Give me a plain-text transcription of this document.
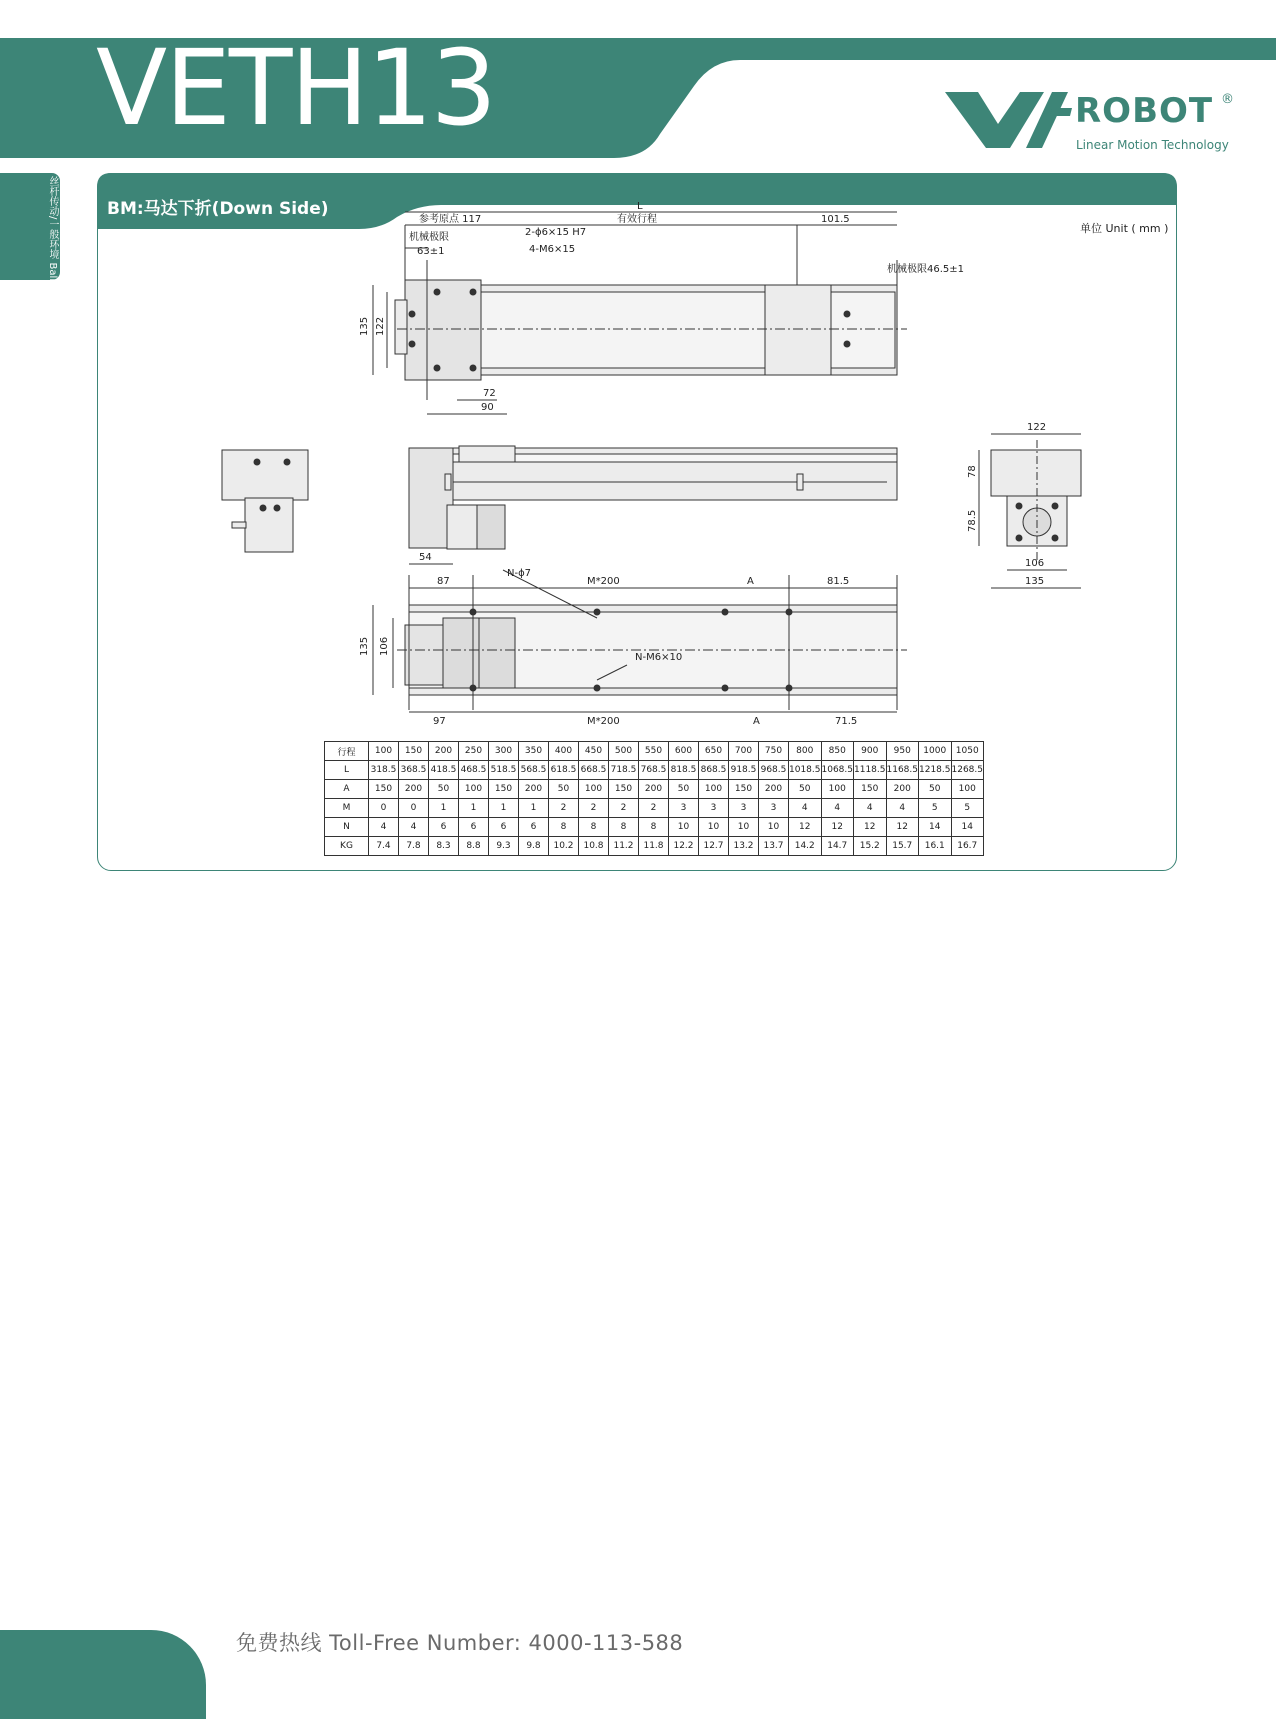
VETH13	ROBOT ®
Linear Motion Technology
丝杆传动/一般环境 Ball screw drive General environment	BM:马达下折(Down Side)
单位 Unit ( mm )
L
参考原点 117	有效行程	101.5
机械极限
63±1
2-ϕ6×15 H7
4-M6×15
机械极限46.5±1
135 122
72
90
54
122
78
78.5
106
135
87
N-ϕ7
M*200	A	81.5
135 106
N-M6×10
97	M*200	A	71.5
行程	100	150	200	250	300	350	400	450	500	550	600	650	700	750	800	850	900	950	1000	1050
L	318.5	368.5	418.5	468.5	518.5	568.5	618.5	668.5	718.5	768.5	818.5	868.5	918.5	968.5	1018.5	1068.5	1118.5	1168.5	1218.5	1268.5
A	150	200	50	100	150	200	50	100	150	200	50	100	150	200	50	100	150	200	50	100
M	0	0	1	1	1	1	2	2	2	2	3	3	3	3	4	4	4	4	5	5
N	4	4	6	6	6	6	8	8	8	8	10	10	10	10	12	12	12	12	14	14
KG	7.4	7.8	8.3	8.8	9.3	9.8	10.2	10.8	11.2	11.8	12.2	12.7	13.2	13.7	14.2	14.7	15.2	15.7	16.1	16.7

免费热线 Toll-Free Number: 4000-113-588
